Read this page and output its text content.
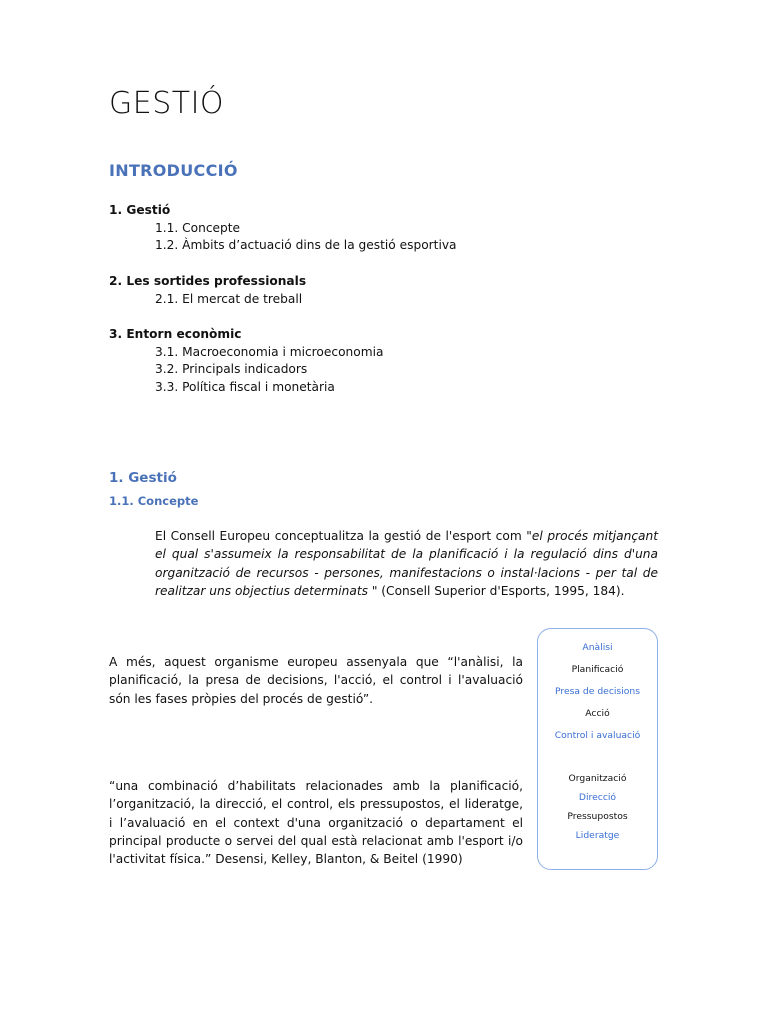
GESTIÓ
INTRODUCCIÓ
1. Gestió
1.1. Concepte
1.2. Àmbits d’actuació dins de la gestió esportiva
2. Les sortides professionals
2.1. El mercat de treball
3. Entorn econòmic
3.1. Macroeconomia i microeconomia
3.2. Principals indicadors
3.3. Política fiscal i monetària
1. Gestió
1.1. Concepte

El Consell Europeu conceptualitza la gestió de l'esport com "el procés mitjançant el qual s'assumeix la responsabilitat de la planificació i la regulació dins d'una organització de recursos - persones, manifestacions o instal·lacions - per tal de realitzar uns objectius determinats " (Consell Superior d'Esports, 1995, 184).

A més, aquest organisme europeu assenyala que “l'anàlisi, la planificació, la presa de decisions, l'acció, el control i l'avaluació són les fases pròpies del procés de gestió”.

“una combinació d’habilitats relacionades amb la planificació, l’organització, la direcció, el control, els pressupostos, el lideratge, i l’avaluació en el context d'una organització o departament el principal producte o servei del qual està relacionat amb l'esport i/o l'activitat física.” Desensi, Kelley, Blanton, & Beitel (1990)

Anàlisi
Planificació
Presa de decisions
Acció
Control i avaluació
Organització
Direcció
Pressupostos
Lideratge
